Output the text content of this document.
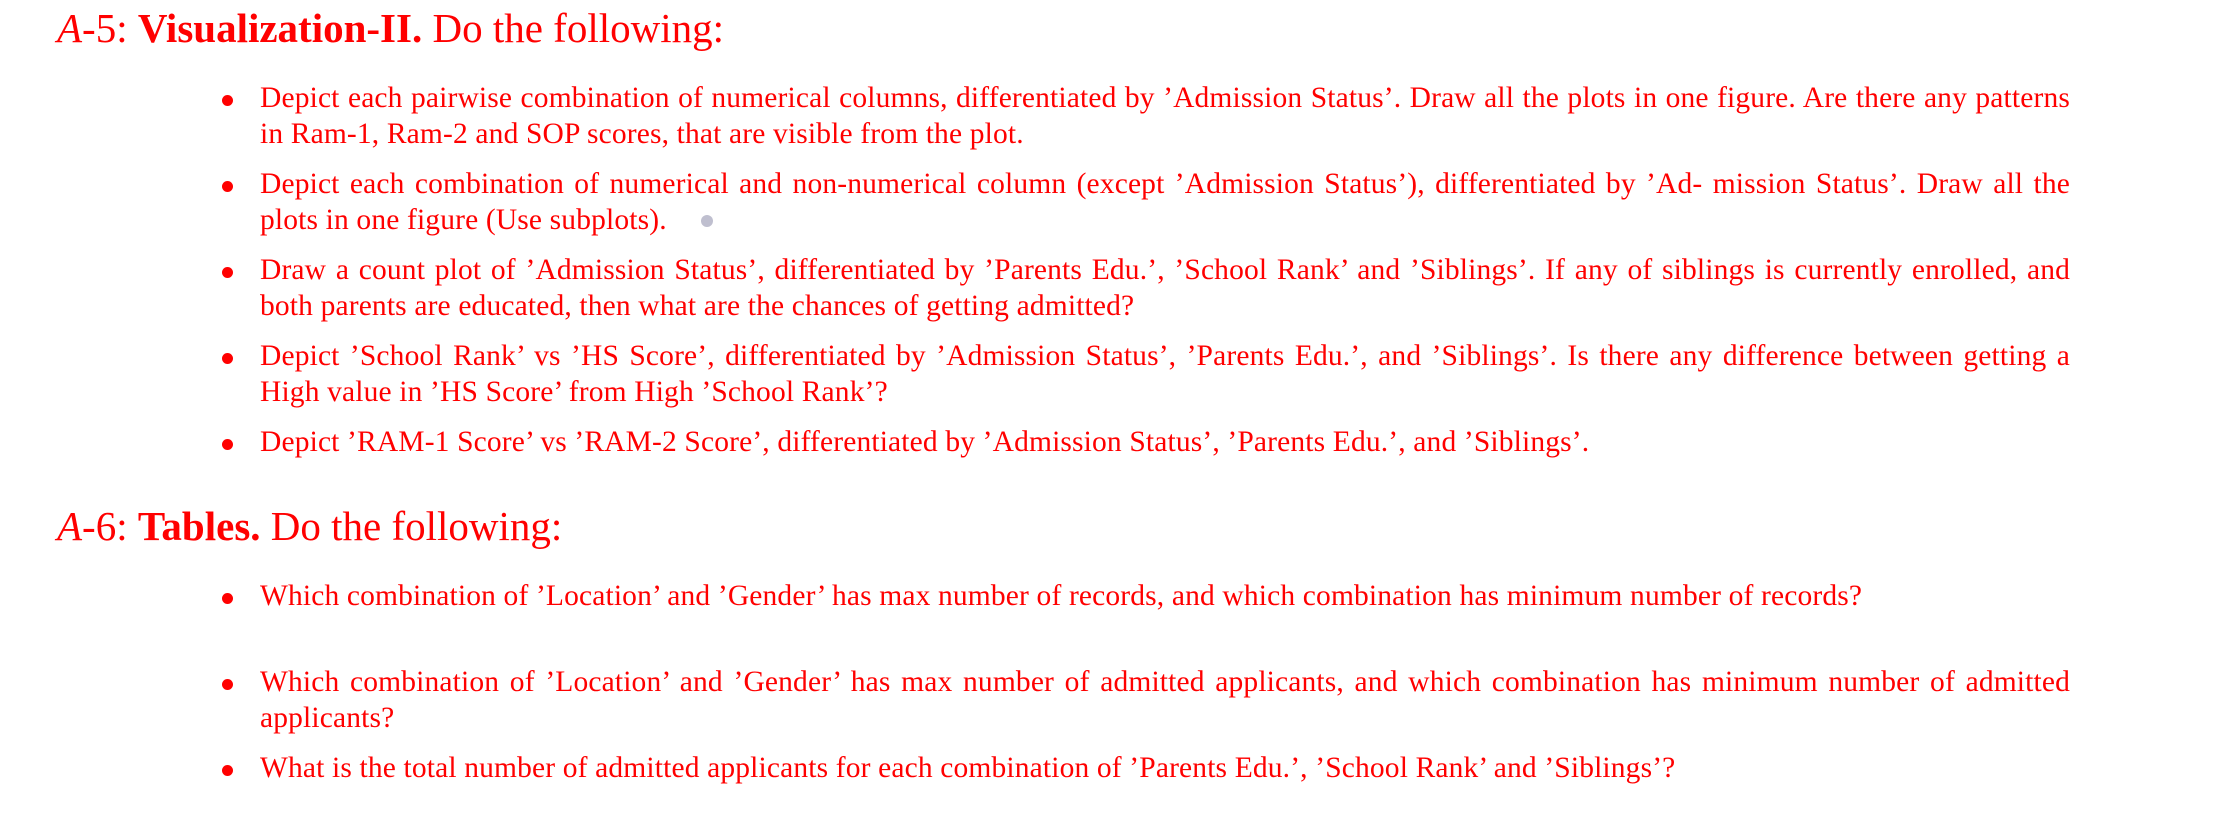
A-5: Visualization-II. Do the following:
Depict each pairwise combination of numerical columns, differentiated by ’Admission Status’. Draw all the plots in one figure. Are there any patterns in Ram-1, Ram-2 and SOP scores, that are visible from the plot.
Depict each combination of numerical and non-numerical column (except ’Admission Status’), differentiated by ’Ad- mission Status’. Draw all the plots in one figure (Use subplots).
Draw a count plot of ’Admission Status’, differentiated by ’Parents Edu.’, ’School Rank’ and ’Siblings’. If any of siblings is currently enrolled, and both parents are educated, then what are the chances of getting admitted?
Depict ’School Rank’ vs ’HS Score’, differentiated by ’Admission Status’, ’Parents Edu.’, and ’Siblings’. Is there any difference between getting a High value in ’HS Score’ from High ’School Rank’?
Depict ’RAM-1 Score’ vs ’RAM-2 Score’, differentiated by ’Admission Status’, ’Parents Edu.’, and ’Siblings’.
A-6: Tables. Do the following:
Which combination of ’Location’ and ’Gender’ has max number of records, and which combination has minimum number of records?
Which combination of ’Location’ and ’Gender’ has max number of admitted applicants, and which combination has minimum number of admitted applicants?
What is the total number of admitted applicants for each combination of ’Parents Edu.’, ’School Rank’ and ’Siblings’?
